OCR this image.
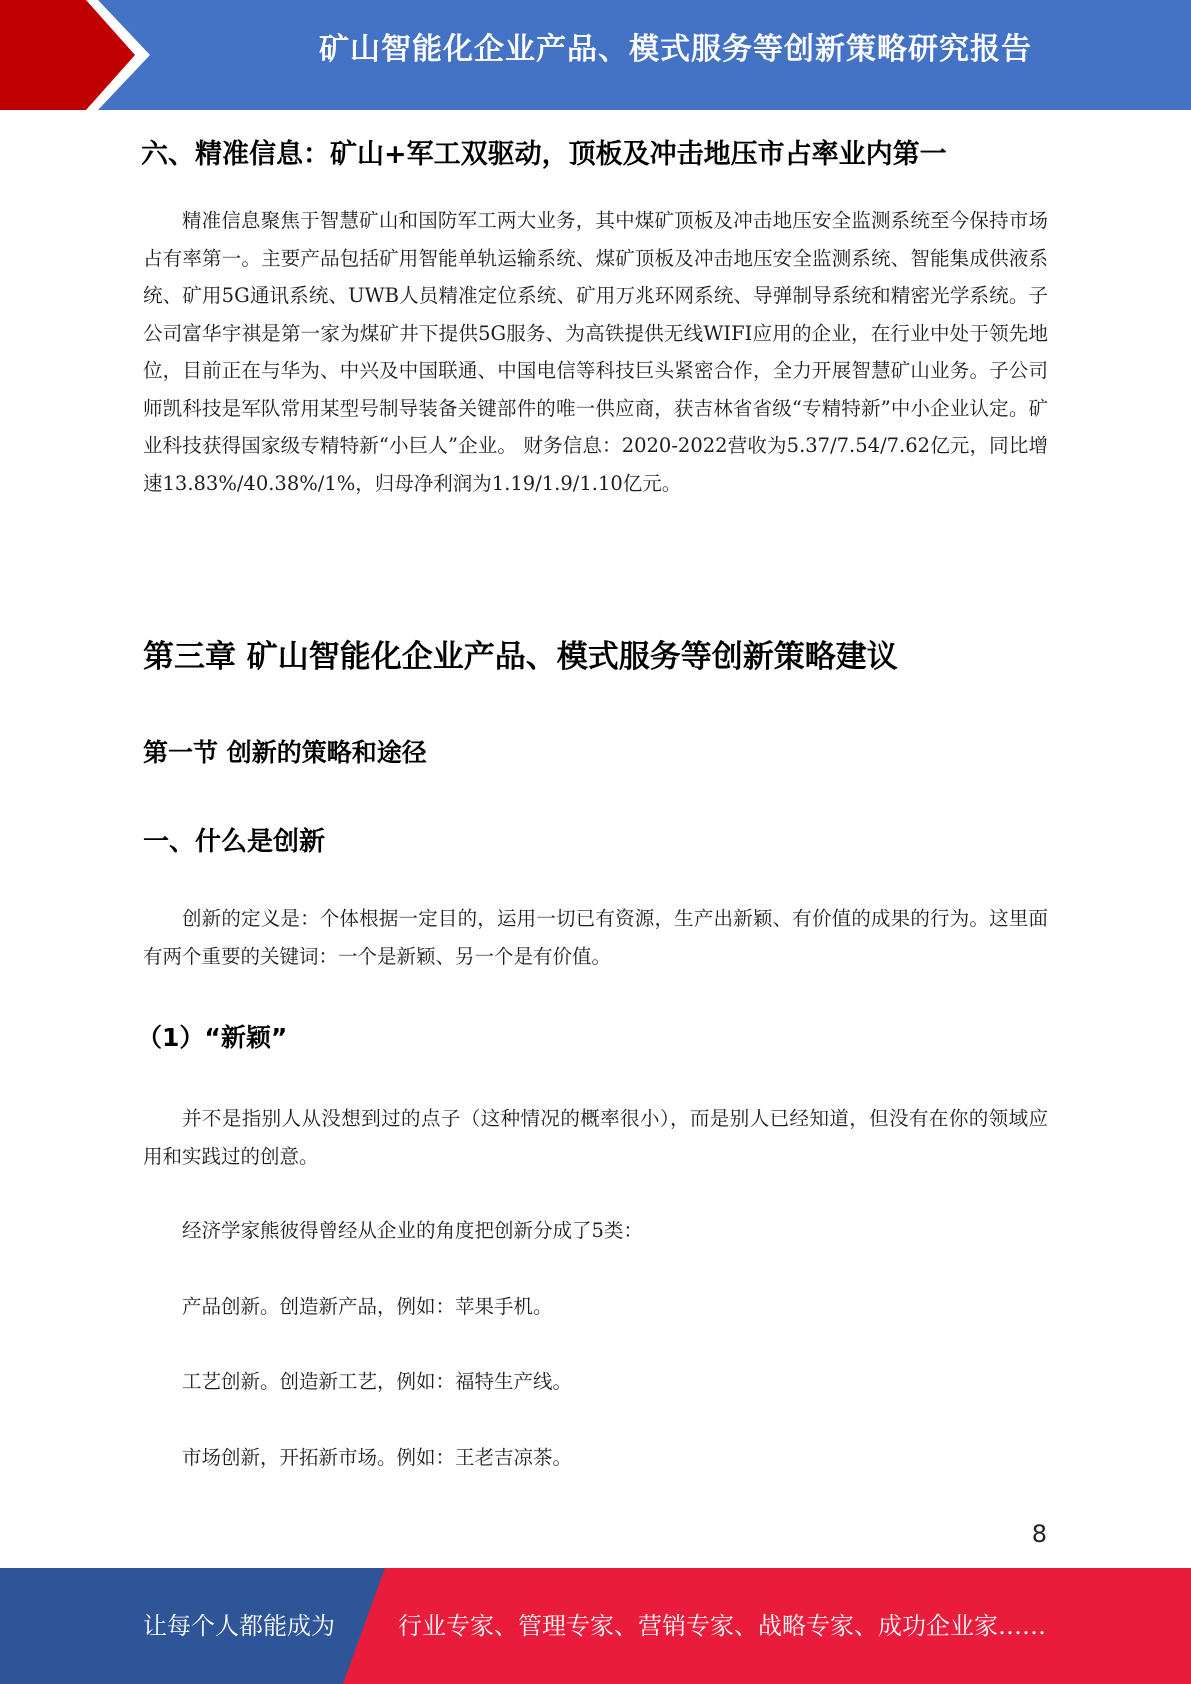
矿山智能化企业产品、模式服务等创新策略研究报告
六、精准信息：矿山+军工双驱动，顶板及冲击地压市占率业内第一

精准信息聚焦于智慧矿山和国防军工两大业务，其中煤矿顶板及冲击地压安全监测系统至今保持市场占有率第一。主要产品包括矿用智能单轨运输系统、煤矿顶板及冲击地压安全监测系统、智能集成供液系统、矿用5G通讯系统、UWB人员精准定位系统、矿用万兆环网系统、导弹制导系统和精密光学系统。子公司富华宇祺是第一家为煤矿井下提供5G服务、为高铁提供无线WIFI应用的企业，在行业中处于领先地位，目前正在与华为、中兴及中国联通、中国电信等科技巨头紧密合作，全力开展智慧矿山业务。子公司师凯科技是军队常用某型号制导装备关键部件的唯一供应商，获吉林省省级“专精特新”中小企业认定。矿业科技获得国家级专精特新“小巨人”企业。 财务信息：2020-2022营收为5.37/7.54/7.62亿元，同比增速13.83%/40.38%/1%，归母净利润为1.19/1.9/1.10亿元。

第三章 矿山智能化企业产品、模式服务等创新策略建议
第一节 创新的策略和途径
一、什么是创新

创新的定义是：个体根据一定目的，运用一切已有资源，生产出新颖、有价值的成果的行为。这里面有两个重要的关键词：一个是新颖、另一个是有价值。

（1）“新颖”

并不是指别人从没想到过的点子（这种情况的概率很小），而是别人已经知道，但没有在你的领域应用和实践过的创意。

经济学家熊彼得曾经从企业的角度把创新分成了5类：

产品创新。创造新产品，例如：苹果手机。

工艺创新。创造新工艺，例如：福特生产线。

市场创新，开拓新市场。例如：王老吉凉茶。

8
让每个人都能成为	行业专家、管理专家、营销专家、战略专家、成功企业家……
